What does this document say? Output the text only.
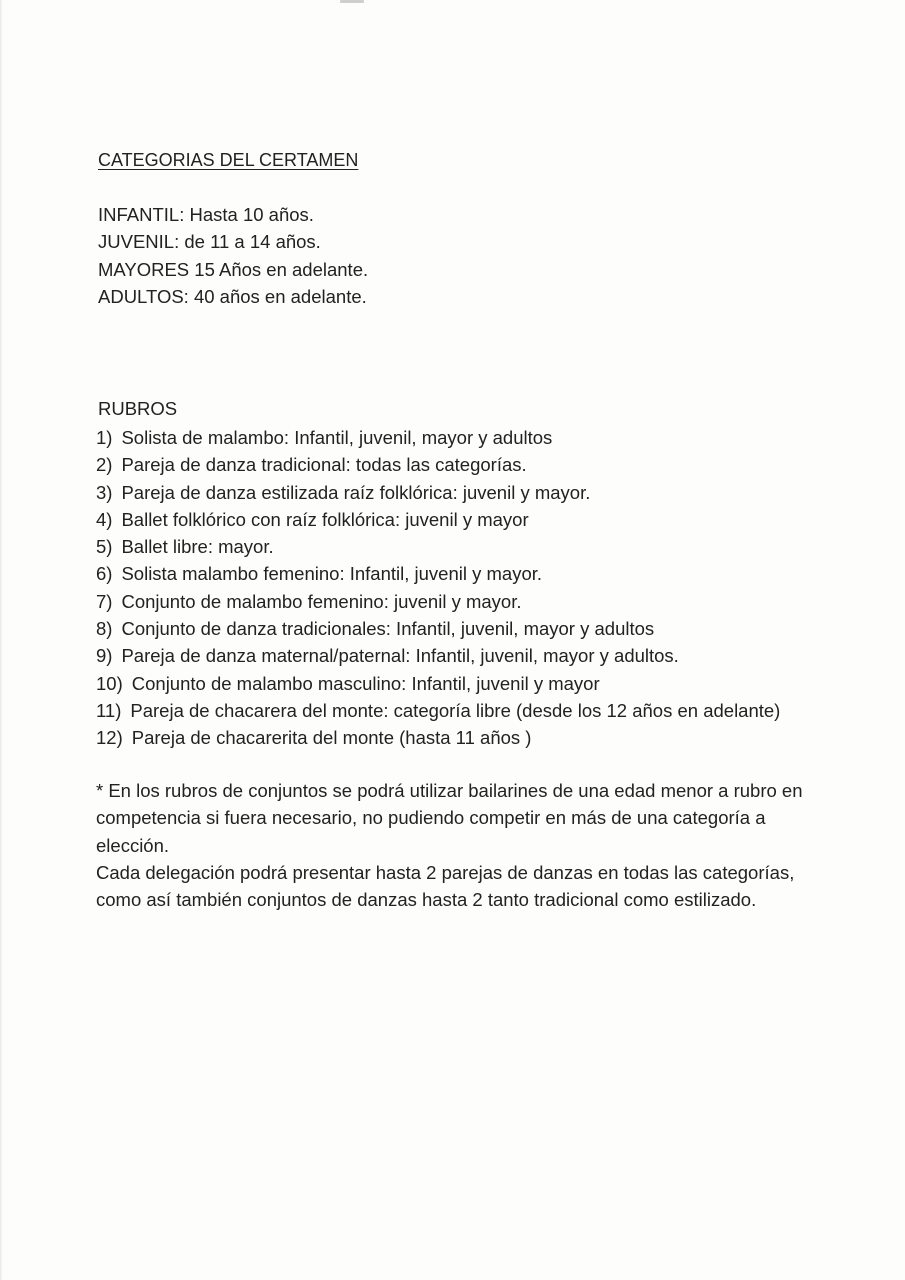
CATEGORIAS DEL CERTAMEN
INFANTIL: Hasta 10 años.
JUVENIL: de 11 a 14 años.
MAYORES 15 Años en adelante.
ADULTOS: 40 años en adelante.
RUBROS
1) Solista de malambo: Infantil, juvenil, mayor y adultos
2) Pareja de danza tradicional: todas las categorías.
3) Pareja de danza estilizada raíz folklórica: juvenil y mayor.
4) Ballet folklórico con raíz folklórica: juvenil y mayor
5) Ballet libre: mayor.
6) Solista malambo femenino: Infantil, juvenil y mayor.
7) Conjunto de malambo femenino: juvenil y mayor.
8) Conjunto de danza tradicionales: Infantil, juvenil, mayor y adultos
9) Pareja de danza maternal/paternal: Infantil, juvenil, mayor y adultos.
10) Conjunto de malambo masculino: Infantil, juvenil y mayor
11) Pareja de chacarera del monte: categoría libre (desde los 12 años en adelante)
12) Pareja de chacarerita del monte (hasta 11 años )

* En los rubros de conjuntos se podrá utilizar bailarines de una edad menor a rubro en competencia si fuera necesario, no pudiendo competir en más de una categoría a elección.

Cada delegación podrá presentar hasta 2 parejas de danzas en todas las categorías, como así también conjuntos de danzas hasta 2 tanto tradicional como estilizado.
